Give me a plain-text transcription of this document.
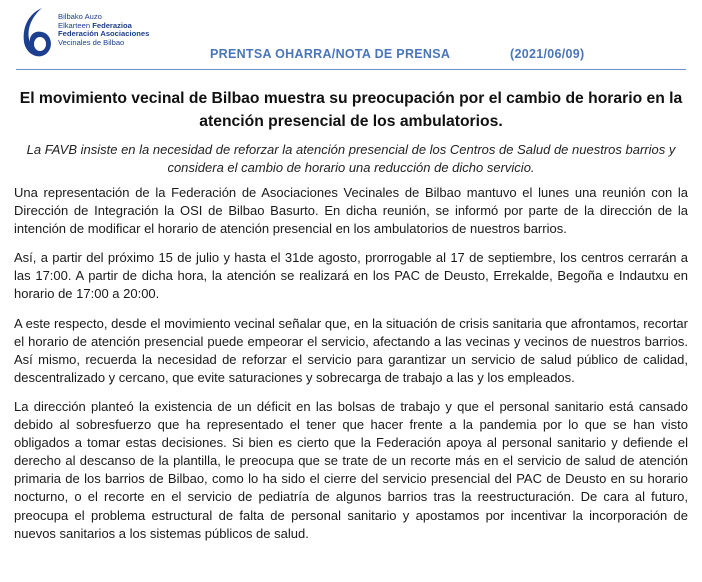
Bilbako Auzo
Elkarteen Federazioa
Federación Asociaciones
Vecinales de Bilbao
PRENTSA OHARRA/NOTA DE PRENSA	(2021/06/09)
El movimiento vecinal de Bilbao muestra su preocupación por el cambio de horario en la atención presencial de los ambulatorios.

La FAVB insiste en la necesidad de reforzar la atención presencial de los Centros de Salud de nuestros barrios y considera el cambio de horario una reducción de dicho servicio.

Una representación de la Federación de Asociaciones Vecinales de Bilbao mantuvo el lunes una reunión con la Dirección de Integración la OSI de Bilbao Basurto. En dicha reunión, se informó por parte de la dirección de la intención de modificar el horario de atención presencial en los ambulatorios de nuestros barrios.

Así, a partir del próximo 15 de julio y hasta el 31de agosto, prorrogable al 17 de septiembre, los centros cerrarán a las 17:00. A partir de dicha hora, la atención se realizará en los PAC de Deusto, Errekalde, Begoña e Indautxu en horario de 17:00 a 20:00.

A este respecto, desde el movimiento vecinal señalar que, en la situación de crisis sanitaria que afrontamos, recortar el horario de atención presencial puede empeorar el servicio, afectando a las vecinas y vecinos de nuestros barrios. Así mismo, recuerda la necesidad de reforzar el servicio para garantizar un servicio de salud público de calidad, descentralizado y cercano, que evite saturaciones y sobrecarga de trabajo a las y los empleados.

La dirección planteó la existencia de un déficit en las bolsas de trabajo y que el personal sanitario está cansado debido al sobresfuerzo que ha representado el tener que hacer frente a la pandemia por lo que se han visto obligados a tomar estas decisiones. Si bien es cierto que la Federación apoya al personal sanitario y defiende el derecho al descanso de la plantilla, le preocupa que se trate de un recorte más en el servicio de salud de atención primaria de los barrios de Bilbao, como lo ha sido el cierre del servicio presencial del PAC de Deusto en su horario nocturno, o el recorte en el servicio de pediatría de algunos barrios tras la reestructuración. De cara al futuro, preocupa el problema estructural de falta de personal sanitario y apostamos por incentivar la incorporación de nuevos sanitarios a los sistemas públicos de salud.
